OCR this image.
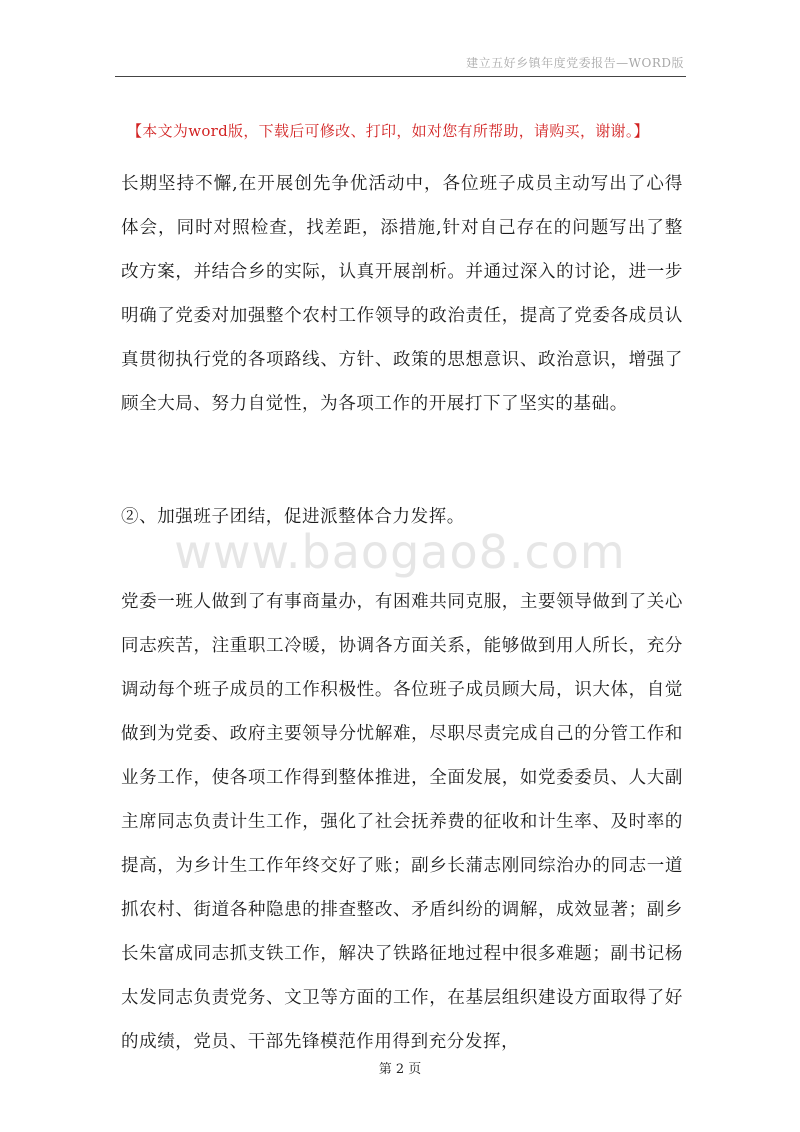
建立五好乡镇年度党委报告—WORD版
【本文为word版，下载后可修改、打印，如对您有所帮助，请购买，谢谢。】

长期坚持不懈,在开展创先争优活动中，各位班子成员主动写出了心得体会，同时对照检查，找差距，添措施,针对自己存在的问题写出了整改方案，并结合乡的实际，认真开展剖析。并通过深入的讨论，进一步明确了党委对加强整个农村工作领导的政治责任，提高了党委各成员认真贯彻执行党的各项路线、方针、政策的思想意识、政治意识，增强了顾全大局、努力自觉性，为各项工作的开展打下了坚实的基础。

②、加强班子团结，促进派整体合力发挥。

www.baogao8.com

党委一班人做到了有事商量办，有困难共同克服，主要领导做到了关心同志疾苦，注重职工冷暖，协调各方面关系，能够做到用人所长，充分调动每个班子成员的工作积极性。各位班子成员顾大局，识大体，自觉做到为党委、政府主要领导分忧解难，尽职尽责完成自己的分管工作和业务工作，使各项工作得到整体推进，全面发展，如党委委员、人大副主席同志负责计生工作，强化了社会抚养费的征收和计生率、及时率的提高，为乡计生工作年终交好了账；副乡长蒲志刚同综治办的同志一道抓农村、街道各种隐患的排查整改、矛盾纠纷的调解，成效显著；副乡长朱富成同志抓支铁工作，解决了铁路征地过程中很多难题；副书记杨太发同志负责党务、文卫等方面的工作，在基层组织建设方面取得了好的成绩，党员、干部先锋模范作用得到充分发挥，

第 2 页
